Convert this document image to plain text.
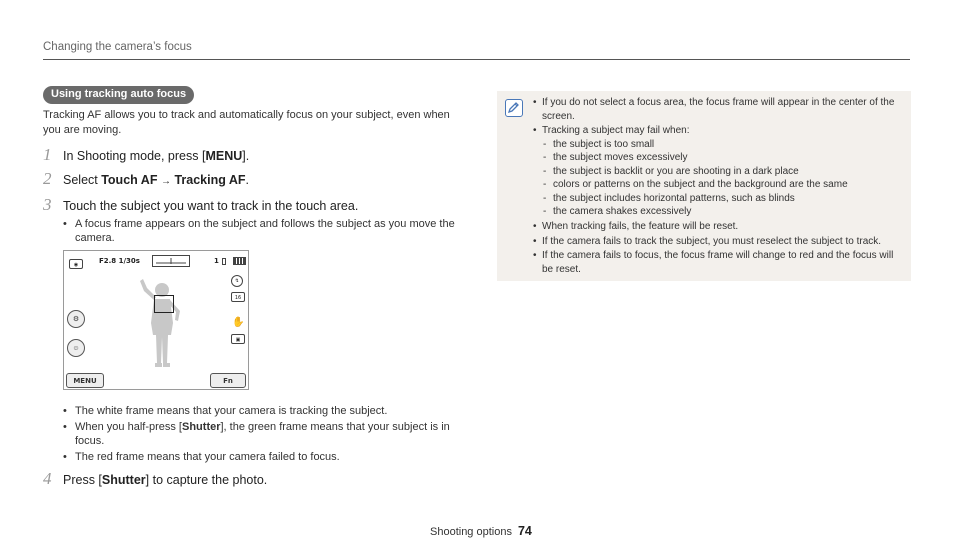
Changing the camera’s focus
Using tracking auto focus
Tracking AF allows you to track and automatically focus on your subject, even when you are moving.
1 In Shooting mode, press [MENU].
2 Select Touch AF → Tracking AF.
3 Touch the subject you want to track in the touch area.
• A focus frame appears on the subject and follows the subject as you move the camera.
◉	F2.8 1/30s	1
↯
16
✋
▣
⚙
☺
MENU	Fn
• The white frame means that your camera is tracking the subject.
• When you half-press [Shutter], the green frame means that your subject is in focus.
• The red frame means that your camera failed to focus.
4 Press [Shutter] to capture the photo.
• If you do not select a focus area, the focus frame will appear in the center of the screen.
• Tracking a subject may fail when:
- the subject is too small
- the subject moves excessively
- the subject is backlit or you are shooting in a dark place
- colors or patterns on the subject and the background are the same
- the subject includes horizontal patterns, such as blinds
- the camera shakes excessively
• When tracking fails, the feature will be reset.
• If the camera fails to track the subject, you must reselect the subject to track.
• If the camera fails to focus, the focus frame will change to red and the focus will be reset.
Shooting options 74
